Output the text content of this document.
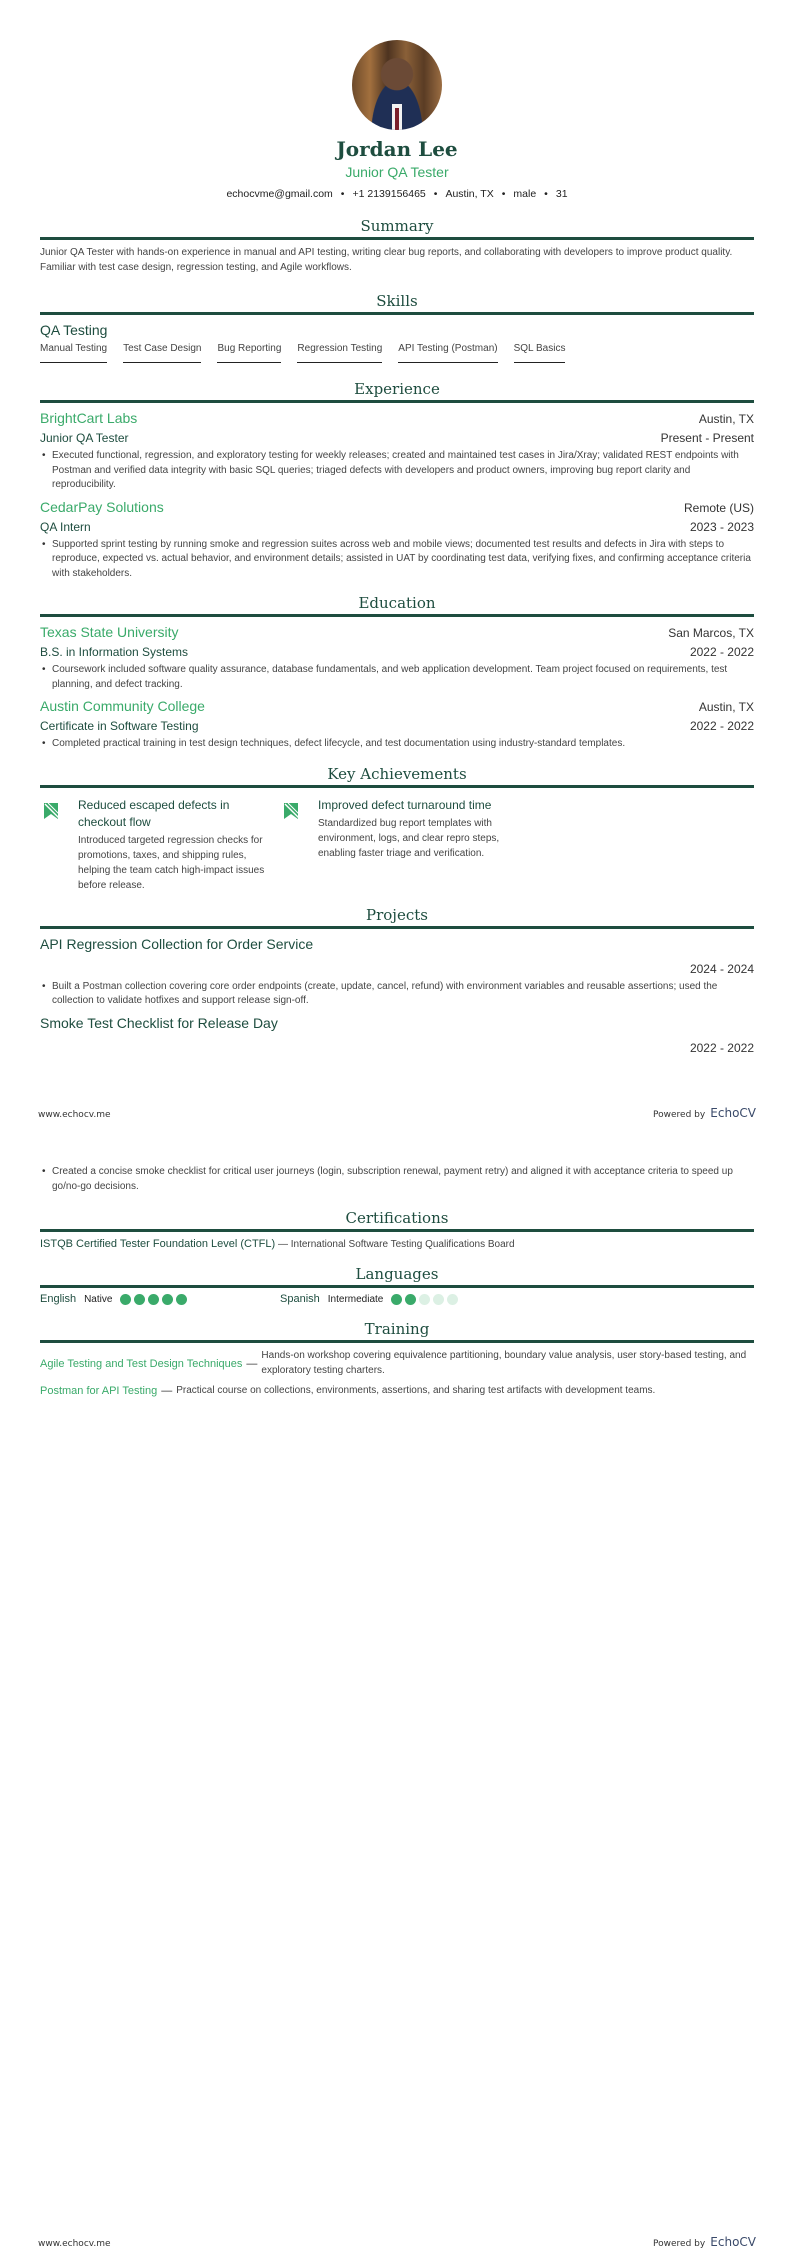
Jordan Lee
Junior QA Tester
echocvme@gmail.com • +1 2139156465 • Austin, TX • male • 31
Summary
Junior QA Tester with hands-on experience in manual and API testing, writing clear bug reports, and collaborating with developers to improve product quality. Familiar with test case design, regression testing, and Agile workflows.
Skills
QA Testing
Manual Testing Test Case Design Bug Reporting Regression Testing API Testing (Postman) SQL Basics
Experience
BrightCart Labs	Austin, TX
Junior QA Tester	Present - Present
• Executed functional, regression, and exploratory testing for weekly releases; created and maintained test cases in Jira/Xray; validated REST endpoints with Postman and verified data integrity with basic SQL queries; triaged defects with developers and product owners, improving bug report clarity and reproducibility.
CedarPay Solutions	Remote (US)
QA Intern	2023 - 2023
• Supported sprint testing by running smoke and regression suites across web and mobile views; documented test results and defects in Jira with steps to reproduce, expected vs. actual behavior, and environment details; assisted in UAT by coordinating test data, verifying fixes, and confirming acceptance criteria with stakeholders.
Education
Texas State University	San Marcos, TX
B.S. in Information Systems	2022 - 2022
• Coursework included software quality assurance, database fundamentals, and web application development. Team project focused on requirements, test planning, and defect tracking.
Austin Community College	Austin, TX
Certificate in Software Testing	2022 - 2022
• Completed practical training in test design techniques, defect lifecycle, and test documentation using industry-standard templates.
Key Achievements
Reduced escaped defects in checkout flow
Introduced targeted regression checks for promotions, taxes, and shipping rules, helping the team catch high-impact issues before release.
Improved defect turnaround time
Standardized bug report templates with environment, logs, and clear repro steps, enabling faster triage and verification.
Projects
API Regression Collection for Order Service
2024 - 2024
• Built a Postman collection covering core order endpoints (create, update, cancel, refund) with environment variables and reusable assertions; used the collection to validate hotfixes and support release sign-off.
Smoke Test Checklist for Release Day
2022 - 2022
www.echocv.me	Powered by EchoCV
• Created a concise smoke checklist for critical user journeys (login, subscription renewal, payment retry) and aligned it with acceptance criteria to speed up go/no-go decisions.
Certifications
ISTQB Certified Tester Foundation Level (CTFL) — International Software Testing Qualifications Board
Languages
English Native	Spanish Intermediate
Training
Agile Testing and Test Design Techniques —
Hands-on workshop covering equivalence partitioning, boundary value analysis, user story-based testing, and exploratory testing charters.
Postman for API Testing — Practical course on collections, environments, assertions, and sharing test artifacts with development teams.
www.echocv.me	Powered by EchoCV
